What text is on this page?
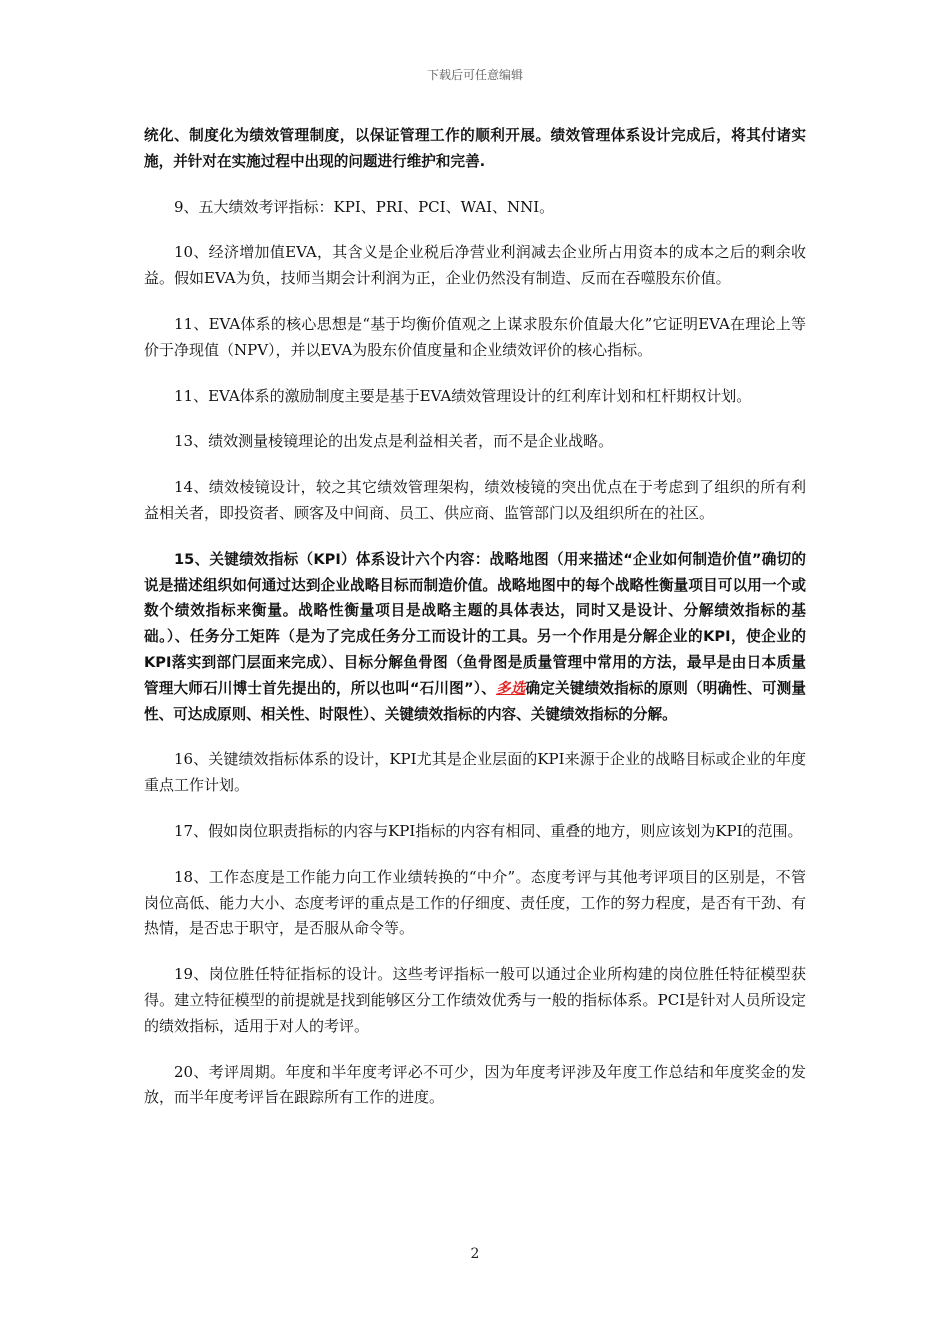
下载后可任意编辑

统化、制度化为绩效管理制度，以保证管理工作的顺利开展。绩效管理体系设计完成后，将其付诸实施，并针对在实施过程中出现的问题进行维护和完善.

9、五大绩效考评指标：KPI、PRI、PCI、WAI、NNI。

10、经济增加值EVA，其含义是企业税后净营业利润减去企业所占用资本的成本之后的剩余收益。假如EVA为负，技师当期会计利润为正，企业仍然没有制造、反而在吞噬股东价值。

11、EVA体系的核心思想是“基于均衡价值观之上谋求股东价值最大化”它证明EVA在理论上等价于净现值（NPV），并以EVA为股东价值度量和企业绩效评价的核心指标。

11、EVA体系的激励制度主要是基于EVA绩效管理设计的红利库计划和杠杆期权计划。

13、绩效测量棱镜理论的出发点是利益相关者，而不是企业战略。

14、绩效棱镜设计，较之其它绩效管理架构，绩效棱镜的突出优点在于考虑到了组织的所有利益相关者，即投资者、顾客及中间商、员工、供应商、监管部门以及组织所在的社区。

15、关键绩效指标（KPI）体系设计六个内容：战略地图（用来描述“企业如何制造价值”确切的说是描述组织如何通过达到企业战略目标而制造价值。战略地图中的每个战略性衡量项目可以用一个或数个绩效指标来衡量。战略性衡量项目是战略主题的具体表达，同时又是设计、分解绩效指标的基础。）、任务分工矩阵（是为了完成任务分工而设计的工具。另一个作用是分解企业的KPI，使企业的KPI落实到部门层面来完成）、目标分解鱼骨图（鱼骨图是质量管理中常用的方法，最早是由日本质量管理大师石川博士首先提出的，所以也叫“石川图”）、多选确定关键绩效指标的原则（明确性、可测量性、可达成原则、相关性、时限性）、关键绩效指标的内容、关键绩效指标的分解。

16、关键绩效指标体系的设计，KPI尤其是企业层面的KPI来源于企业的战略目标或企业的年度重点工作计划。

17、假如岗位职责指标的内容与KPI指标的内容有相同、重叠的地方，则应该划为KPI的范围。

18、工作态度是工作能力向工作业绩转换的“中介”。态度考评与其他考评项目的区别是，不管岗位高低、能力大小、态度考评的重点是工作的仔细度、责任度，工作的努力程度，是否有干劲、有热情，是否忠于职守，是否服从命令等。

19、岗位胜任特征指标的设计。这些考评指标一般可以通过企业所构建的岗位胜任特征模型获得。建立特征模型的前提就是找到能够区分工作绩效优秀与一般的指标体系。PCI是针对人员所设定的绩效指标，适用于对人的考评。

20、考评周期。年度和半年度考评必不可少，因为年度考评涉及年度工作总结和年度奖金的发放，而半年度考评旨在跟踪所有工作的进度。

2
